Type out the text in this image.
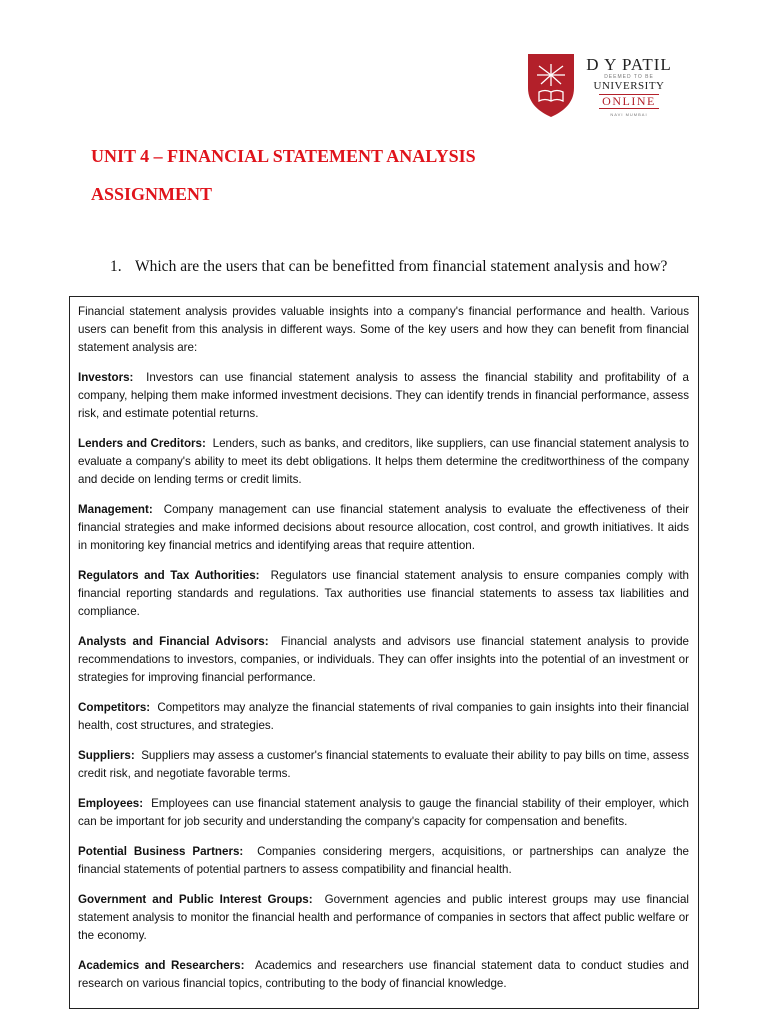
D Y PATIL
DEEMED TO BE
UNIVERSITY
ONLINE
NAVI MUMBAI
UNIT 4 – FINANCIAL STATEMENT ANALYSIS
ASSIGNMENT
1. Which are the users that can be benefitted from financial statement analysis and how?

Financial statement analysis provides valuable insights into a company's financial performance and health. Various users can benefit from this analysis in different ways. Some of the key users and how they can benefit from financial statement analysis are:

Investors: Investors can use financial statement analysis to assess the financial stability and profitability of a company, helping them make informed investment decisions. They can identify trends in financial performance, assess risk, and estimate potential returns.

Lenders and Creditors: Lenders, such as banks, and creditors, like suppliers, can use financial statement analysis to evaluate a company's ability to meet its debt obligations. It helps them determine the creditworthiness of the company and decide on lending terms or credit limits.

Management: Company management can use financial statement analysis to evaluate the effectiveness of their financial strategies and make informed decisions about resource allocation, cost control, and growth initiatives. It aids in monitoring key financial metrics and identifying areas that require attention.

Regulators and Tax Authorities: Regulators use financial statement analysis to ensure companies comply with financial reporting standards and regulations. Tax authorities use financial statements to assess tax liabilities and compliance.

Analysts and Financial Advisors: Financial analysts and advisors use financial statement analysis to provide recommendations to investors, companies, or individuals. They can offer insights into the potential of an investment or strategies for improving financial performance.

Competitors: Competitors may analyze the financial statements of rival companies to gain insights into their financial health, cost structures, and strategies.

Suppliers: Suppliers may assess a customer's financial statements to evaluate their ability to pay bills on time, assess credit risk, and negotiate favorable terms.

Employees: Employees can use financial statement analysis to gauge the financial stability of their employer, which can be important for job security and understanding the company's capacity for compensation and benefits.

Potential Business Partners: Companies considering mergers, acquisitions, or partnerships can analyze the financial statements of potential partners to assess compatibility and financial health.

Government and Public Interest Groups: Government agencies and public interest groups may use financial statement analysis to monitor the financial health and performance of companies in sectors that affect public welfare or the economy.

Academics and Researchers: Academics and researchers use financial statement data to conduct studies and research on various financial topics, contributing to the body of financial knowledge.
